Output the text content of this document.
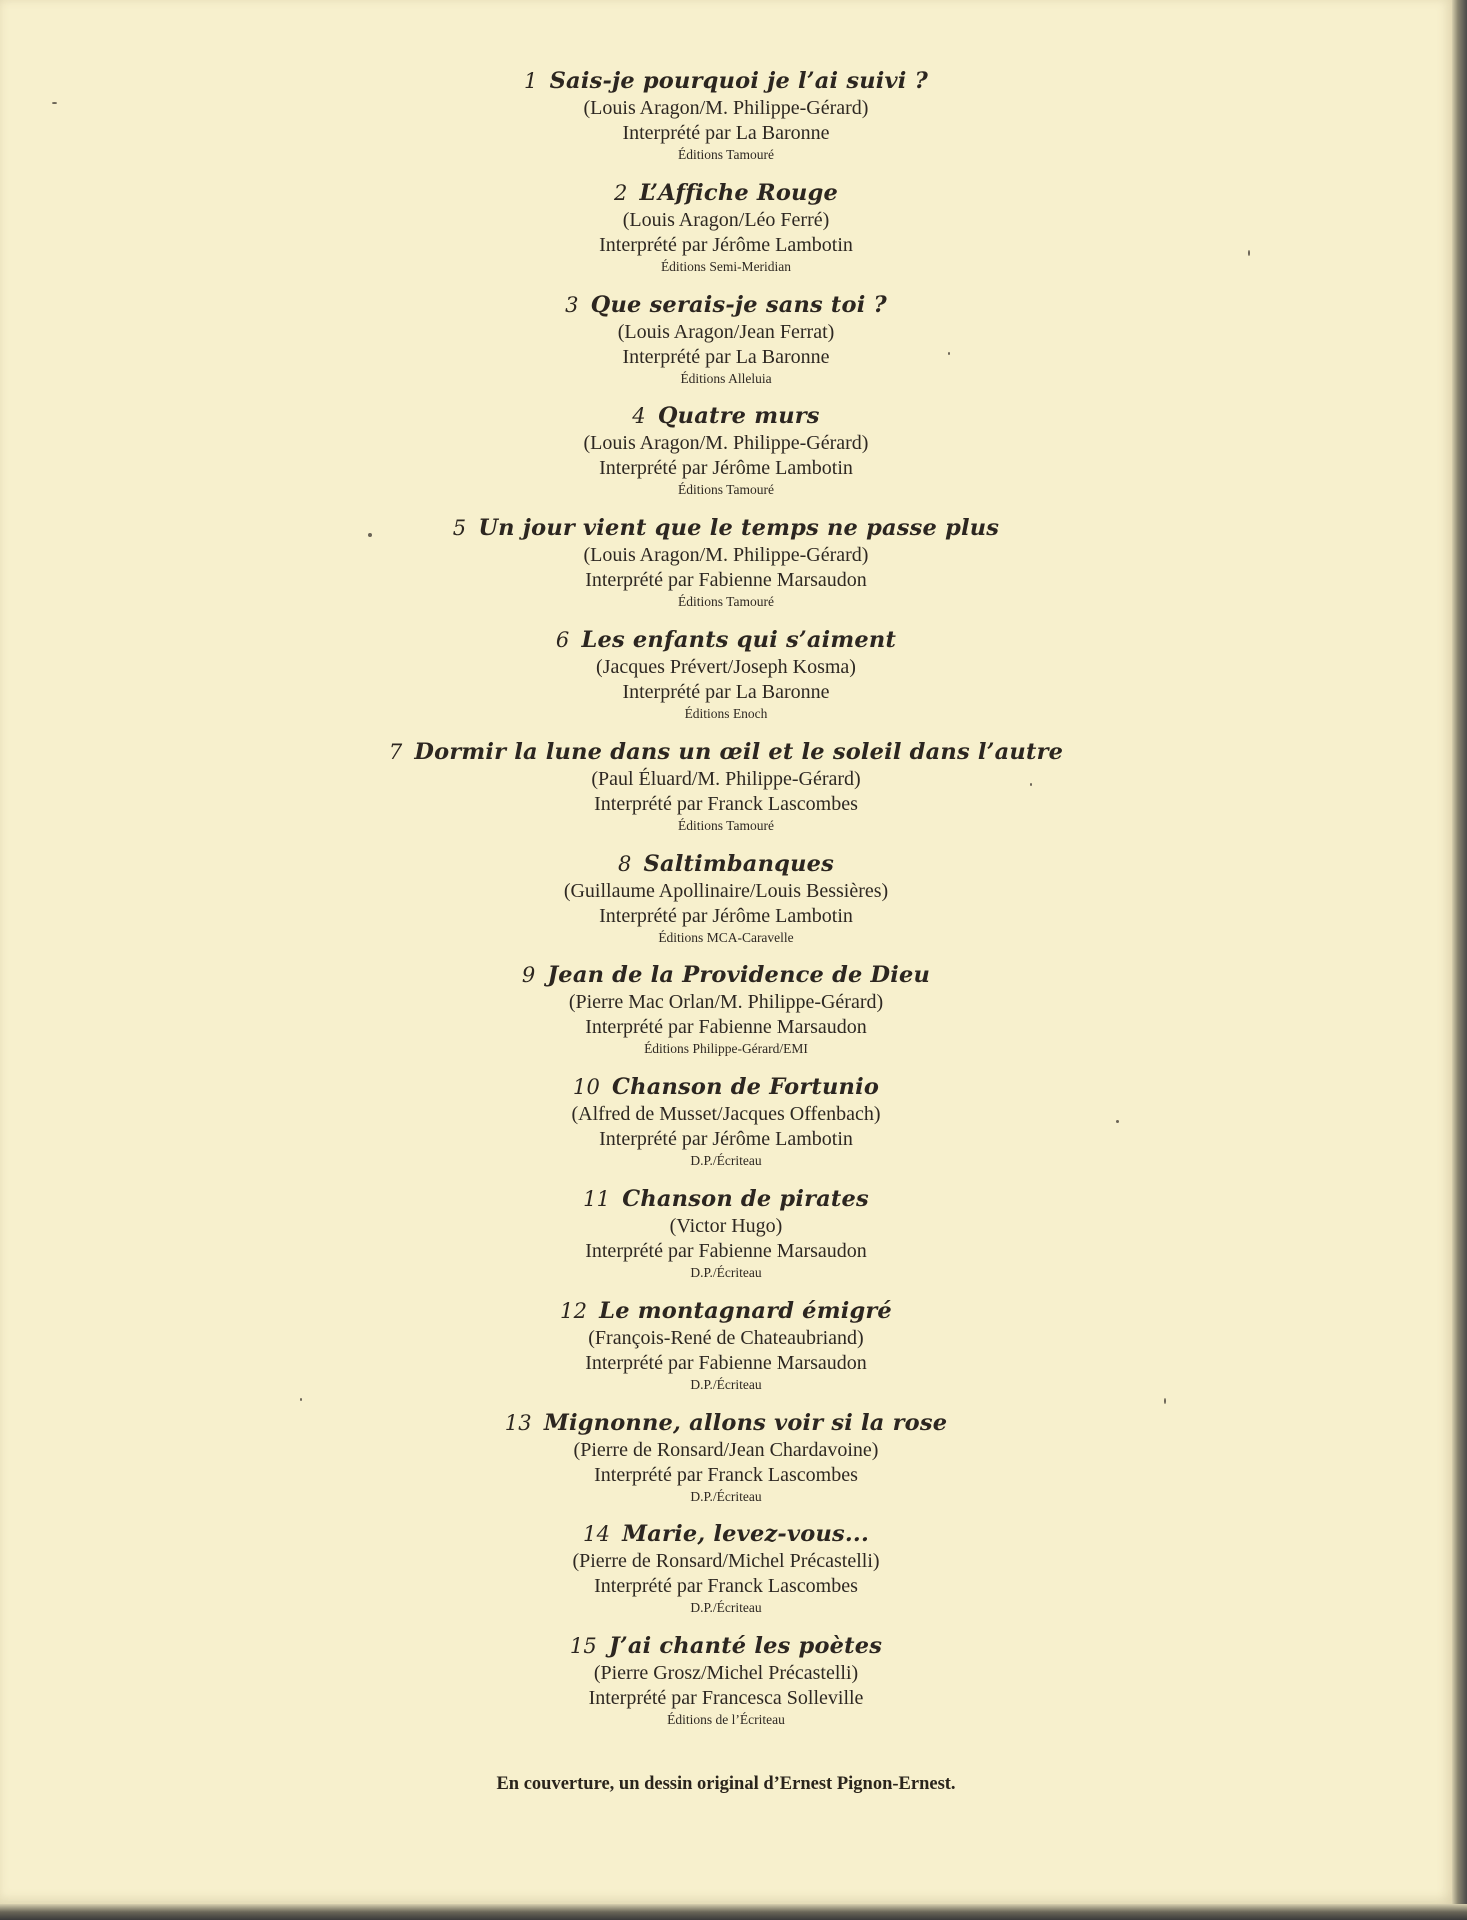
1 Sais-je pourquoi je l’ai suivi ?
(Louis Aragon/M. Philippe-Gérard)
Interprété par La Baronne
Éditions Tamouré
2 L’Affiche Rouge
(Louis Aragon/Léo Ferré)
Interprété par Jérôme Lambotin
Éditions Semi-Meridian
3 Que serais-je sans toi ?
(Louis Aragon/Jean Ferrat)
Interprété par La Baronne
Éditions Alleluia
4 Quatre murs
(Louis Aragon/M. Philippe-Gérard)
Interprété par Jérôme Lambotin
Éditions Tamouré
5 Un jour vient que le temps ne passe plus
(Louis Aragon/M. Philippe-Gérard)
Interprété par Fabienne Marsaudon
Éditions Tamouré
6 Les enfants qui s’aiment
(Jacques Prévert/Joseph Kosma)
Interprété par La Baronne
Éditions Enoch
7 Dormir la lune dans un œil et le soleil dans l’autre
(Paul Éluard/M. Philippe-Gérard)
Interprété par Franck Lascombes
Éditions Tamouré
8 Saltimbanques
(Guillaume Apollinaire/Louis Bessières)
Interprété par Jérôme Lambotin
Éditions MCA-Caravelle
9 Jean de la Providence de Dieu
(Pierre Mac Orlan/M. Philippe-Gérard)
Interprété par Fabienne Marsaudon
Éditions Philippe-Gérard/EMI
10 Chanson de Fortunio
(Alfred de Musset/Jacques Offenbach)
Interprété par Jérôme Lambotin
D.P./Écriteau
11 Chanson de pirates
(Victor Hugo)
Interprété par Fabienne Marsaudon
D.P./Écriteau
12 Le montagnard émigré
(François-René de Chateaubriand)
Interprété par Fabienne Marsaudon
D.P./Écriteau
13 Mignonne, allons voir si la rose
(Pierre de Ronsard/Jean Chardavoine)
Interprété par Franck Lascombes
D.P./Écriteau
14 Marie, levez-vous...
(Pierre de Ronsard/Michel Précastelli)
Interprété par Franck Lascombes
D.P./Écriteau
15 J’ai chanté les poètes
(Pierre Grosz/Michel Précastelli)
Interprété par Francesca Solleville
Éditions de l’Écriteau
En couverture, un dessin original d’Ernest Pignon-Ernest.
